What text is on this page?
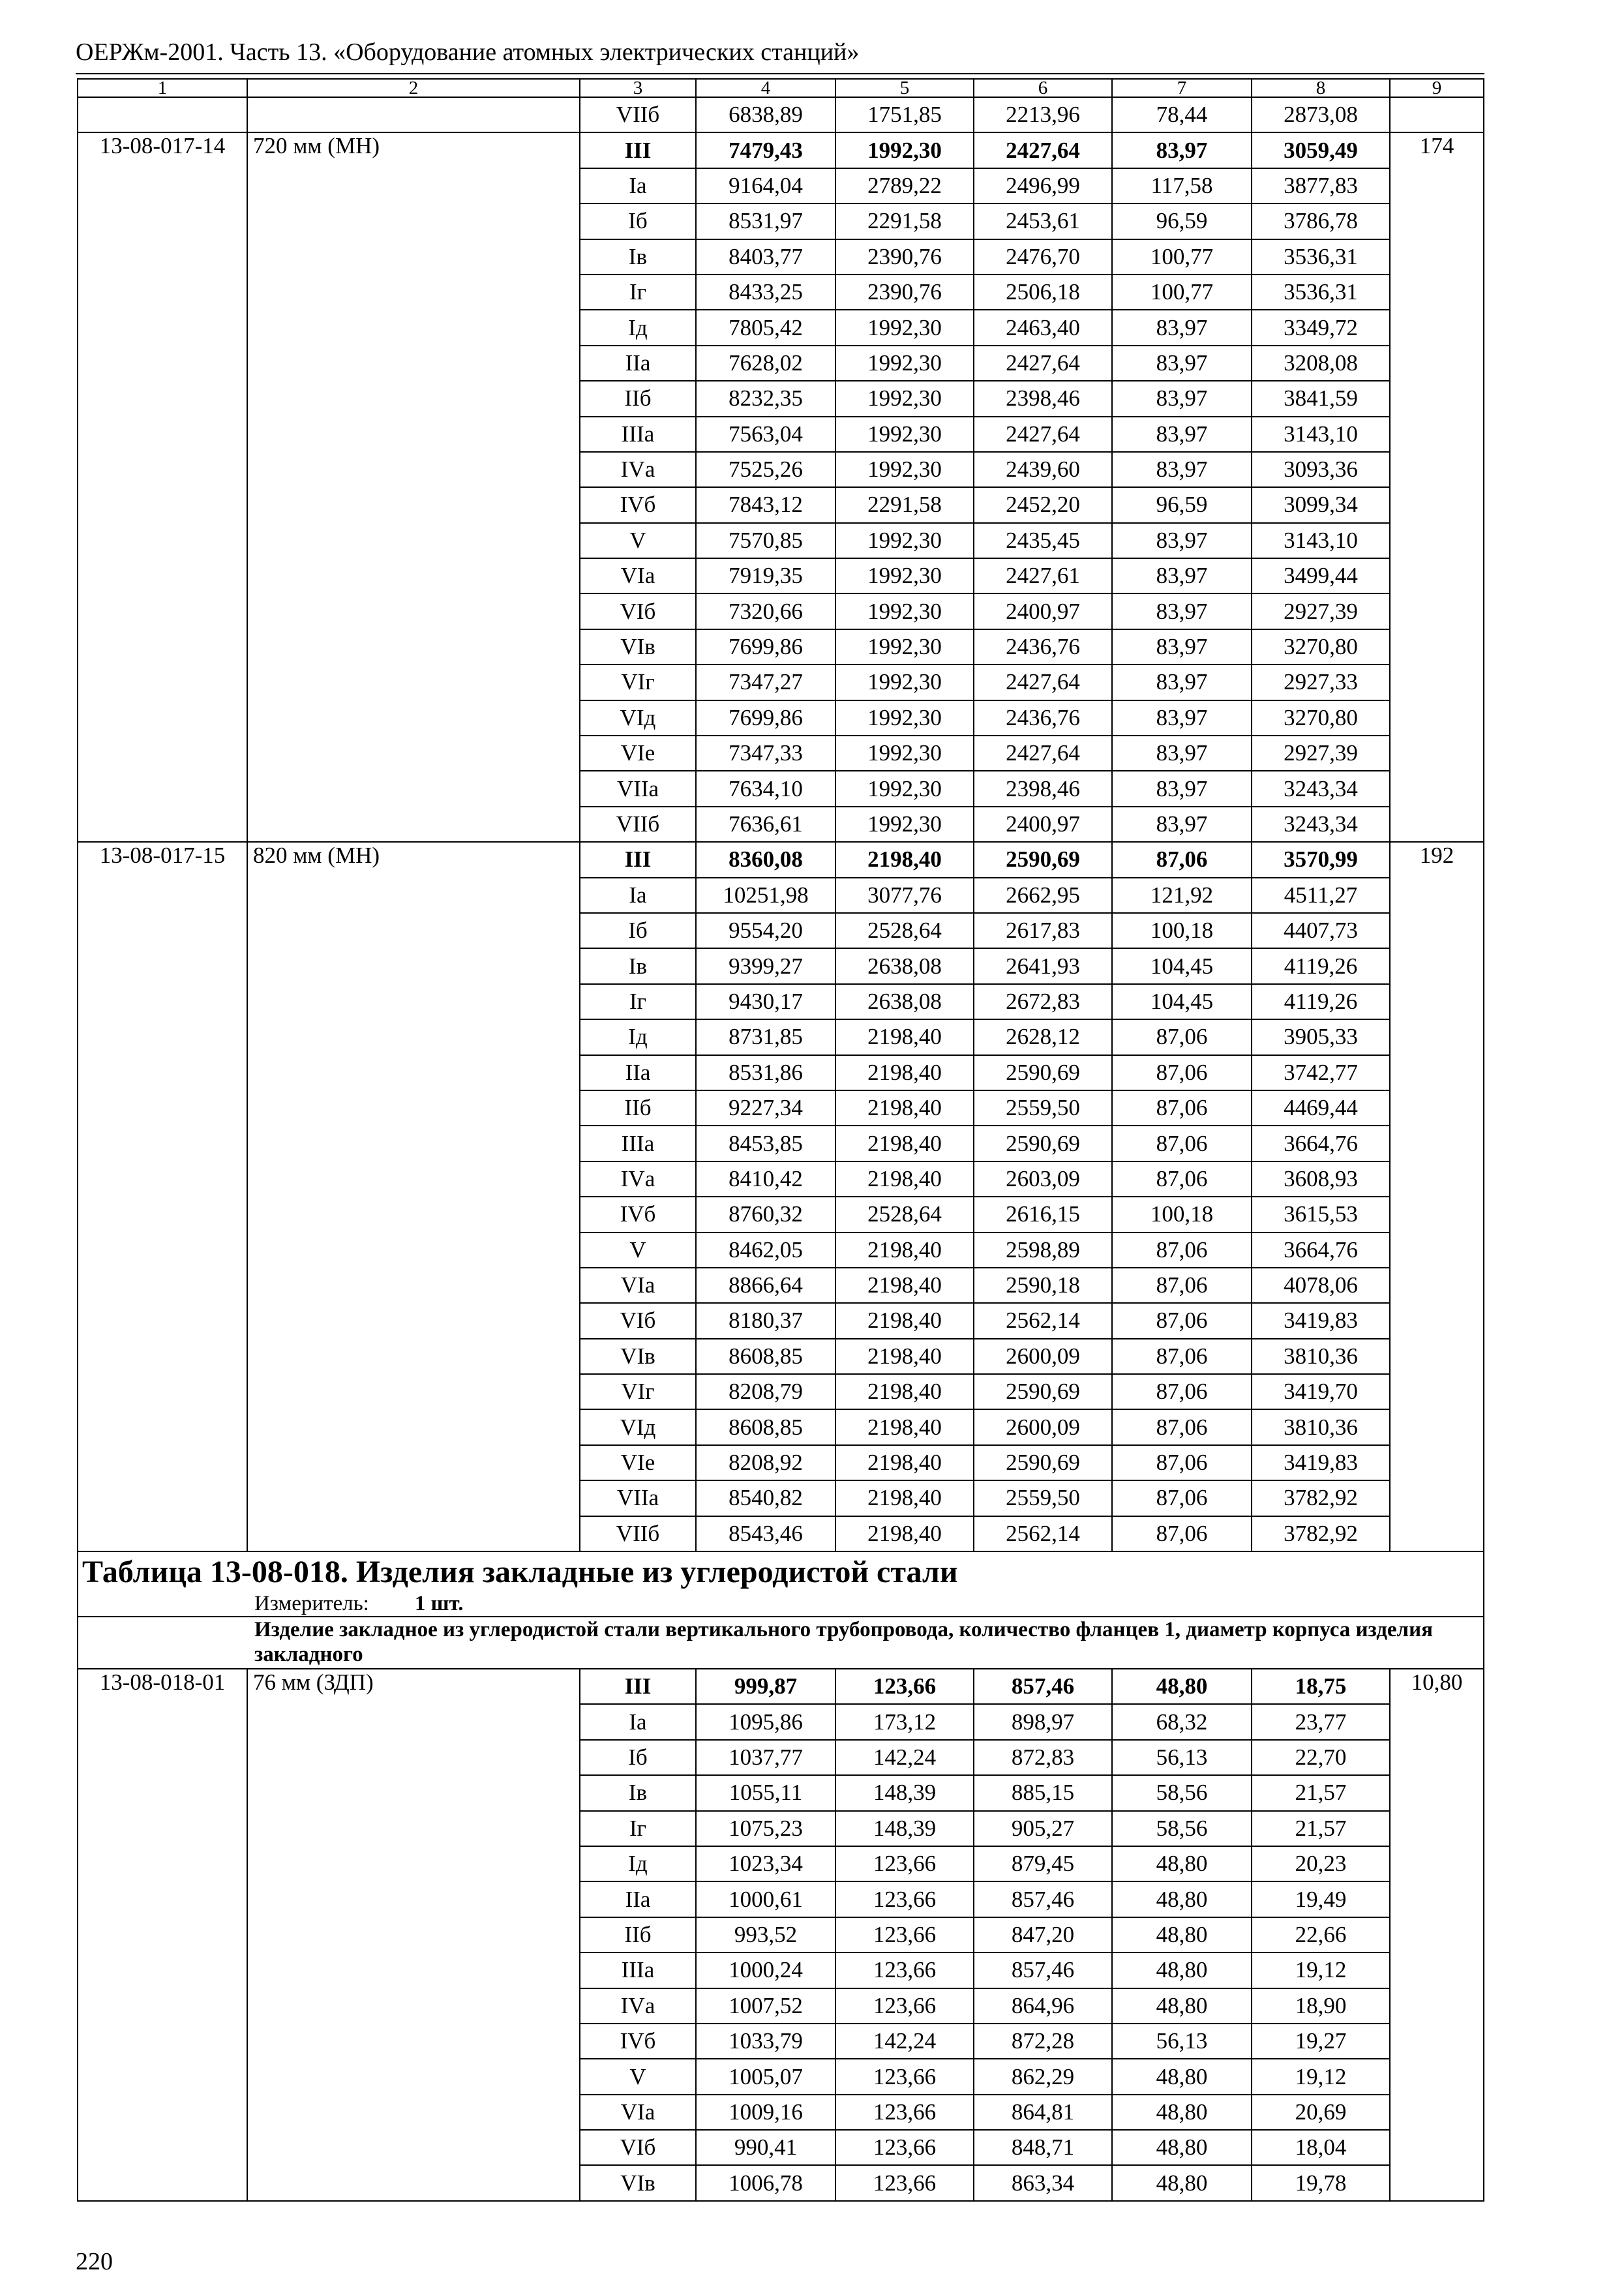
ОЕРЖм-2001. Часть 13. «Оборудование атомных электрических станций»
1	2	3	4	5	6	7	8	9
		VIIб	6838,89	1751,85	2213,96	78,44	2873,08	
13-08-017-14	720 мм (МН)	III	7479,43	1992,30	2427,64	83,97	3059,49	174
		Iа	9164,04	2789,22	2496,99	117,58	3877,83	
		Iб	8531,97	2291,58	2453,61	96,59	3786,78	
		Iв	8403,77	2390,76	2476,70	100,77	3536,31	
		Iг	8433,25	2390,76	2506,18	100,77	3536,31	
		Iд	7805,42	1992,30	2463,40	83,97	3349,72	
		IIа	7628,02	1992,30	2427,64	83,97	3208,08	
		IIб	8232,35	1992,30	2398,46	83,97	3841,59	
		IIIа	7563,04	1992,30	2427,64	83,97	3143,10	
		IVа	7525,26	1992,30	2439,60	83,97	3093,36	
		IVб	7843,12	2291,58	2452,20	96,59	3099,34	
		V	7570,85	1992,30	2435,45	83,97	3143,10	
		VIа	7919,35	1992,30	2427,61	83,97	3499,44	
		VIб	7320,66	1992,30	2400,97	83,97	2927,39	
		VIв	7699,86	1992,30	2436,76	83,97	3270,80	
		VIг	7347,27	1992,30	2427,64	83,97	2927,33	
		VIд	7699,86	1992,30	2436,76	83,97	3270,80	
		VIе	7347,33	1992,30	2427,64	83,97	2927,39	
		VIIа	7634,10	1992,30	2398,46	83,97	3243,34	
		VIIб	7636,61	1992,30	2400,97	83,97	3243,34	
13-08-017-15	820 мм (МН)	III	8360,08	2198,40	2590,69	87,06	3570,99	192
		Iа	10251,98	3077,76	2662,95	121,92	4511,27	
		Iб	9554,20	2528,64	2617,83	100,18	4407,73	
		Iв	9399,27	2638,08	2641,93	104,45	4119,26	
		Iг	9430,17	2638,08	2672,83	104,45	4119,26	
		Iд	8731,85	2198,40	2628,12	87,06	3905,33	
		IIа	8531,86	2198,40	2590,69	87,06	3742,77	
		IIб	9227,34	2198,40	2559,50	87,06	4469,44	
		IIIа	8453,85	2198,40	2590,69	87,06	3664,76	
		IVа	8410,42	2198,40	2603,09	87,06	3608,93	
		IVб	8760,32	2528,64	2616,15	100,18	3615,53	
		V	8462,05	2198,40	2598,89	87,06	3664,76	
		VIа	8866,64	2198,40	2590,18	87,06	4078,06	
		VIб	8180,37	2198,40	2562,14	87,06	3419,83	
		VIв	8608,85	2198,40	2600,09	87,06	3810,36	
		VIг	8208,79	2198,40	2590,69	87,06	3419,70	
		VIд	8608,85	2198,40	2600,09	87,06	3810,36	
		VIе	8208,92	2198,40	2590,69	87,06	3419,83	
		VIIа	8540,82	2198,40	2559,50	87,06	3782,92	
		VIIб	8543,46	2198,40	2562,14	87,06	3782,92	

Таблица 13-08-018. Изделия закладные из углеродистой стали
Измеритель: 1 шт.
Изделие закладное из углеродистой стали вертикального трубопровода, количество фланцев 1, диаметр корпуса изделия закладного								

13-08-018-01	76 мм (ЗДП)	III	999,87	123,66	857,46	48,80	18,75	10,80
		Iа	1095,86	173,12	898,97	68,32	23,77	
		Iб	1037,77	142,24	872,83	56,13	22,70	
		Iв	1055,11	148,39	885,15	58,56	21,57	
		Iг	1075,23	148,39	905,27	58,56	21,57	
		Iд	1023,34	123,66	879,45	48,80	20,23	
		IIа	1000,61	123,66	857,46	48,80	19,49	
		IIб	993,52	123,66	847,20	48,80	22,66	
		IIIа	1000,24	123,66	857,46	48,80	19,12	
		IVа	1007,52	123,66	864,96	48,80	18,90	
		IVб	1033,79	142,24	872,28	56,13	19,27	
		V	1005,07	123,66	862,29	48,80	19,12	
		VIа	1009,16	123,66	864,81	48,80	20,69	
		VIб	990,41	123,66	848,71	48,80	18,04	
		VIв	1006,78	123,66	863,34	48,80	19,78	
220
